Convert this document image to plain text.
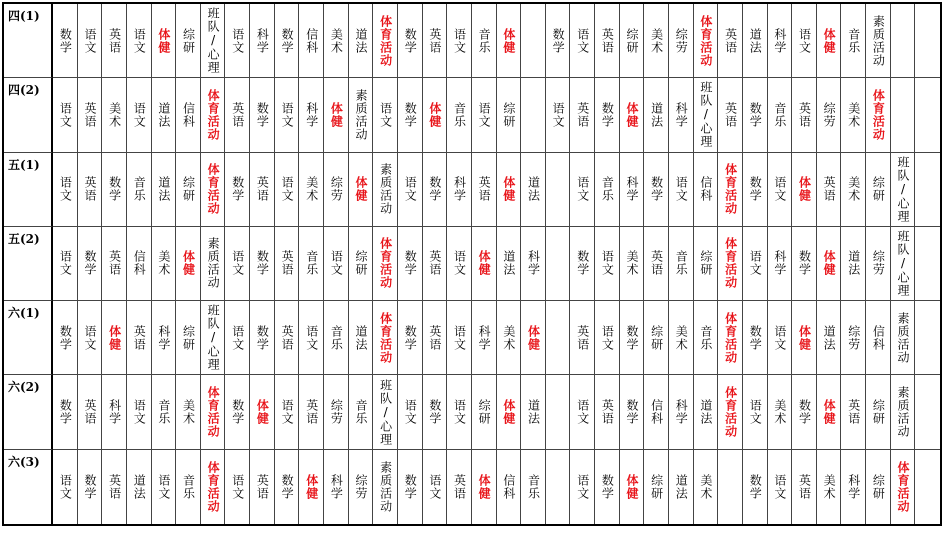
四(1)
数学 语文 英语 语文 体健 综研 班队/心理 语文 科学 数学 信科 美术 道法 体育活动 数学 英语 语文 音乐 体健	数学 语文 英语 综研 美术 综劳 体育活动 英语 道法 科学 语文 体健 音乐 素质活动
四(2)
语文 英语 美术 语文 道法 信科 体育活动 英语 数学 语文 科学 体健 素质活动 语文 数学 体健 音乐 语文 综研	语文 英语 数学 体健 道法 科学 班队/心理 英语 数学 音乐 英语 综劳 美术 体育活动
五(1)
语文 英语 数学 音乐 道法 综研 体育活动 数学 英语 语文 美术 综劳 体健 素质活动 语文 数学 科学 英语 体健 道法	语文 音乐 科学 数学 语文 信科 体育活动 数学 语文 体健 英语 美术 综研 班队/心理
五(2)
语文 数学 英语 信科 美术 体健 素质活动 语文 数学 英语 音乐 语文 综研 体育活动 数学 英语 语文 体健 道法 科学	数学 语文 美术 英语 音乐 综研 体育活动 语文 科学 数学 体健 道法 综劳 班队/心理
六(1)
数学 语文 体健 英语 科学 综研 班队/心理 语文 数学 英语 语文 音乐 道法 体育活动 数学 英语 语文 科学 美术 体健	英语 语文 数学 综研 美术 音乐 体育活动 数学 语文 体健 道法 综劳 信科 素质活动
六(2)
数学 英语 科学 语文 音乐 美术 体育活动 数学 体健 语文 英语 综劳 音乐 班队/心理 语文 数学 语文 综研 体健 道法	语文 英语 数学 信科 科学 道法 体育活动 语文 美术 数学 体健 英语 综研 素质活动
六(3)
语文 数学 英语 道法 语文 音乐 体育活动 语文 英语 数学 体健 科学 综劳 素质活动 数学 语文 英语 体健 信科 音乐	语文 数学 体健 综研 道法 美术	数学 语文 英语 美术 科学 综研 体育活动
